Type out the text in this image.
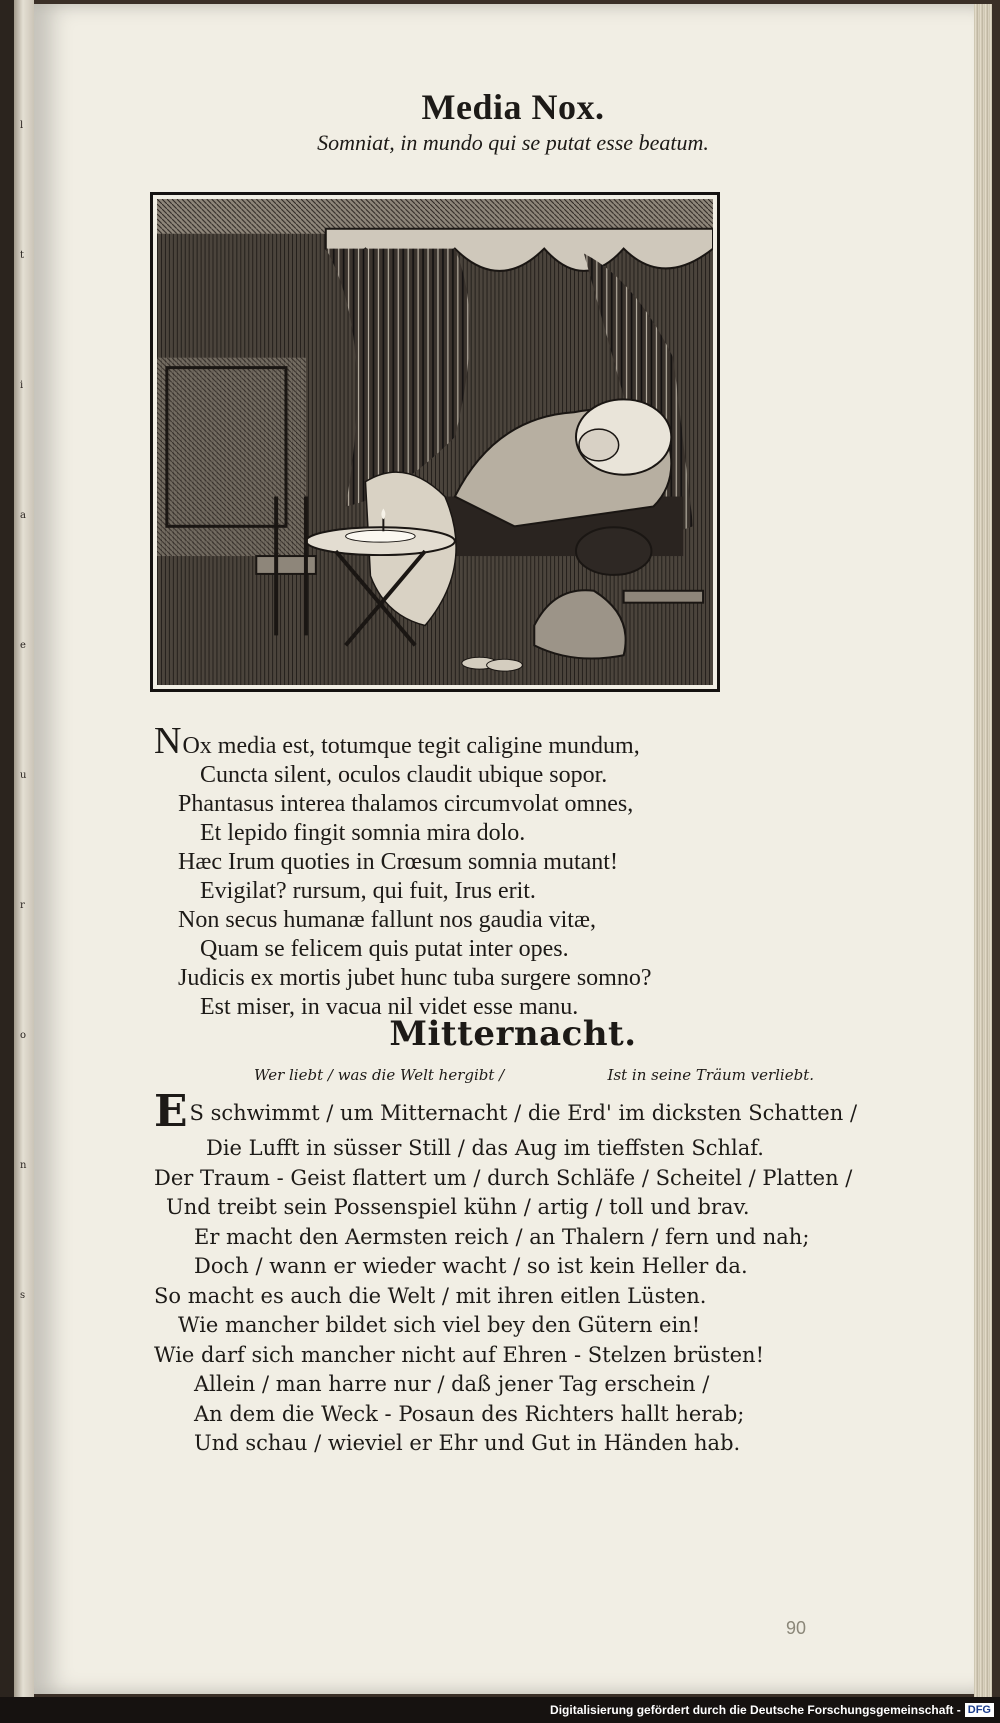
l
t
i
a
e
u
r
o
n
s
Media Nox.
Somniat, in mundo qui se putat esse beatum.
NOx media est, totumque tegit caligine mundum,
Cuncta silent, oculos claudit ubique sopor.
Phantasus interea thalamos circumvolat omnes,
Et lepido fingit somnia mira dolo.
Hæc Irum quoties in Crœsum somnia mutant!
Evigilat? rursum, qui fuit, Irus erit.
Non secus humanæ fallunt nos gaudia vitæ,
Quam se felicem quis putat inter opes.
Judicis ex mortis jubet hunc tuba surgere somno?
Est miser, in vacua nil videt esse manu.
Mitternacht.
Wer liebt / was die Welt hergibt /	Ist in seine Träum verliebt.
ES schwimmt / um Mitternacht / die Erd' im dicksten Schatten /
Die Lufft in süsser Still / das Aug im tieffsten Schlaf.
Der Traum - Geist flattert um / durch Schläfe / Scheitel / Platten /
Und treibt sein Possenspiel kühn / artig / toll und brav.
Er macht den Aermsten reich / an Thalern / fern und nah;
Doch / wann er wieder wacht / so ist kein Heller da.
So macht es auch die Welt / mit ihren eitlen Lüsten.
Wie mancher bildet sich viel bey den Gütern ein!
Wie darf sich mancher nicht auf Ehren - Stelzen brüsten!
Allein / man harre nur / daß jener Tag erschein /
An dem die Weck - Posaun des Richters hallt herab;
Und schau / wieviel er Ehr und Gut in Händen hab.
90
Digitalisierung gefördert durch die Deutsche Forschungsgemeinschaft - DFG
